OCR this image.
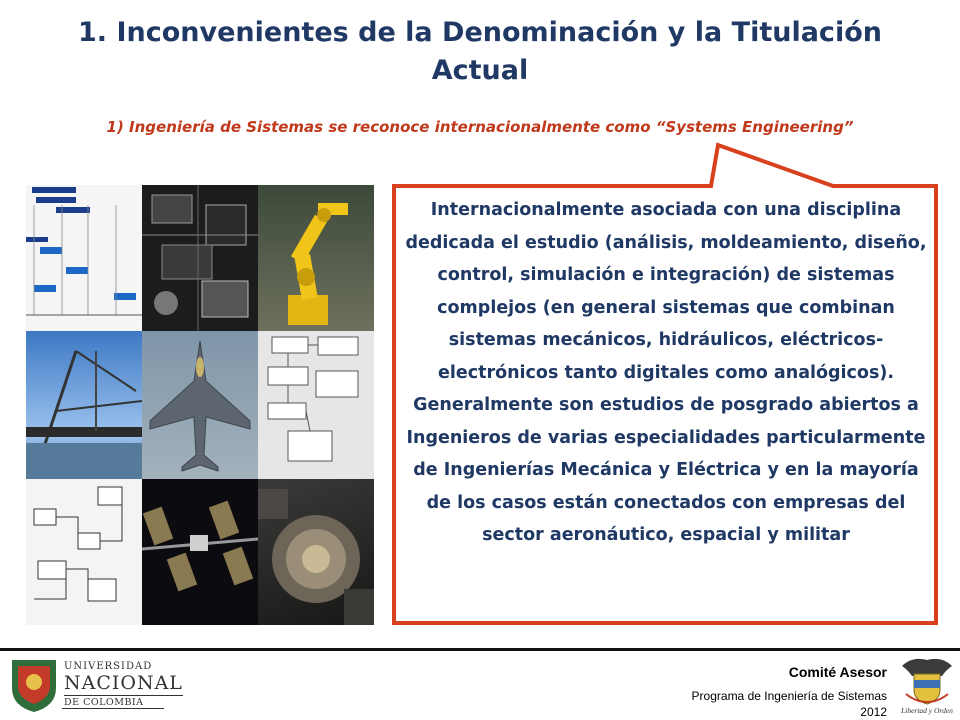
1. Inconvenientes de la Denominación y la Titulación Actual
1) Ingeniería de Sistemas se reconoce internacionalmente como “Systems Engineering”
Internacionalmente asociada con una disciplina dedicada el estudio (análisis, moldeamiento, diseño, control, simulación e integración) de sistemas complejos (en general sistemas que combinan sistemas mecánicos, hidráulicos, eléctricos-electrónicos tanto digitales como analógicos). Generalmente son estudios de posgrado abiertos a Ingenieros de varias especialidades particularmente de Ingenierías Mecánica y Eléctrica y en la mayoría de los casos están conectados con empresas del sector aeronáutico, espacial y militar
UNIVERSIDAD
NACIONAL
DE COLOMBIA
Comité Asesor
Programa de Ingeniería de Sistemas
2012 Libertad y Orden
